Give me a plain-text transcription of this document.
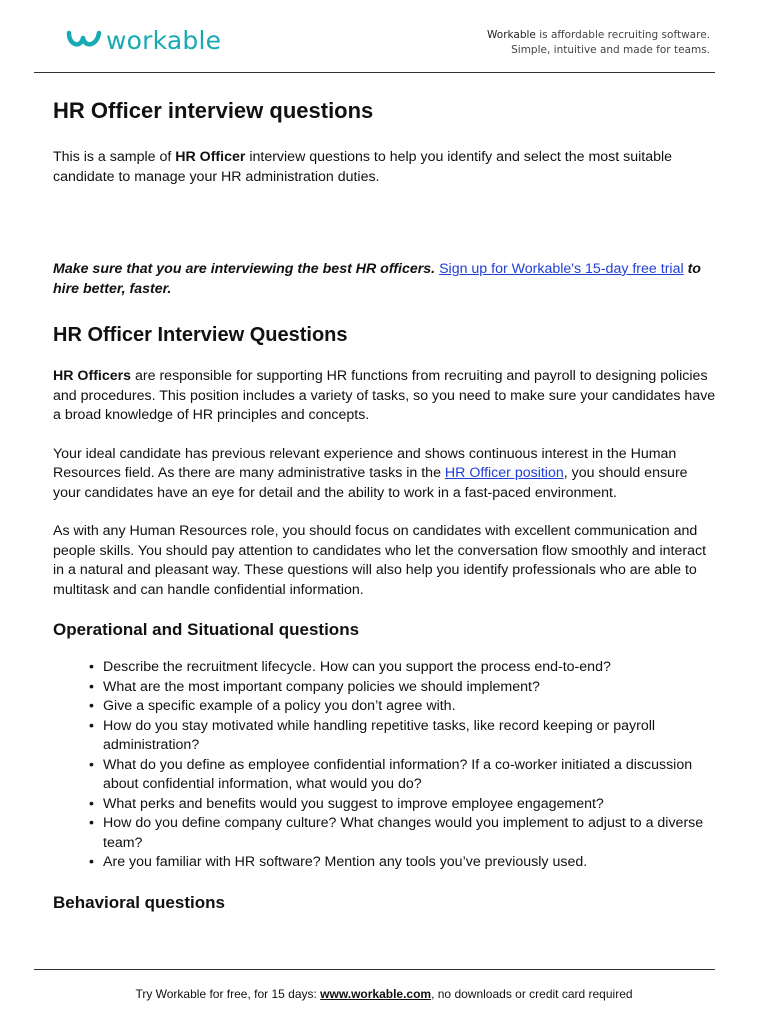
workable	Workable is affordable recruiting software.
Simple, intuitive and made for teams.
HR Officer interview questions

This is a sample of HR Officer interview questions to help you identify and select the most suitable candidate to manage your HR administration duties.

Make sure that you are interviewing the best HR officers. Sign up for Workable's 15-day free trial to hire better, faster.

HR Officer Interview Questions

HR Officers are responsible for supporting HR functions from recruiting and payroll to designing policies and procedures. This position includes a variety of tasks, so you need to make sure your candidates have a broad knowledge of HR principles and concepts.

Your ideal candidate has previous relevant experience and shows continuous interest in the Human Resources field. As there are many administrative tasks in the HR Officer position, you should ensure your candidates have an eye for detail and the ability to work in a fast-paced environment.

As with any Human Resources role, you should focus on candidates with excellent communication and people skills. You should pay attention to candidates who let the conversation flow smoothly and interact in a natural and pleasant way. These questions will also help you identify professionals who are able to multitask and can handle confidential information.

Operational and Situational questions
• Describe the recruitment lifecycle. How can you support the process end-to-end?
• What are the most important company policies we should implement?
• Give a specific example of a policy you don’t agree with.
• How do you stay motivated while handling repetitive tasks, like record keeping or payroll administration?
• What do you define as employee confidential information? If a co-worker initiated a discussion about confidential information, what would you do?
• What perks and benefits would you suggest to improve employee engagement?
• How do you define company culture? What changes would you implement to adjust to a diverse team?
• Are you familiar with HR software? Mention any tools you’ve previously used.
Behavioral questions
Try Workable for free, for 15 days: www.workable.com, no downloads or credit card required
